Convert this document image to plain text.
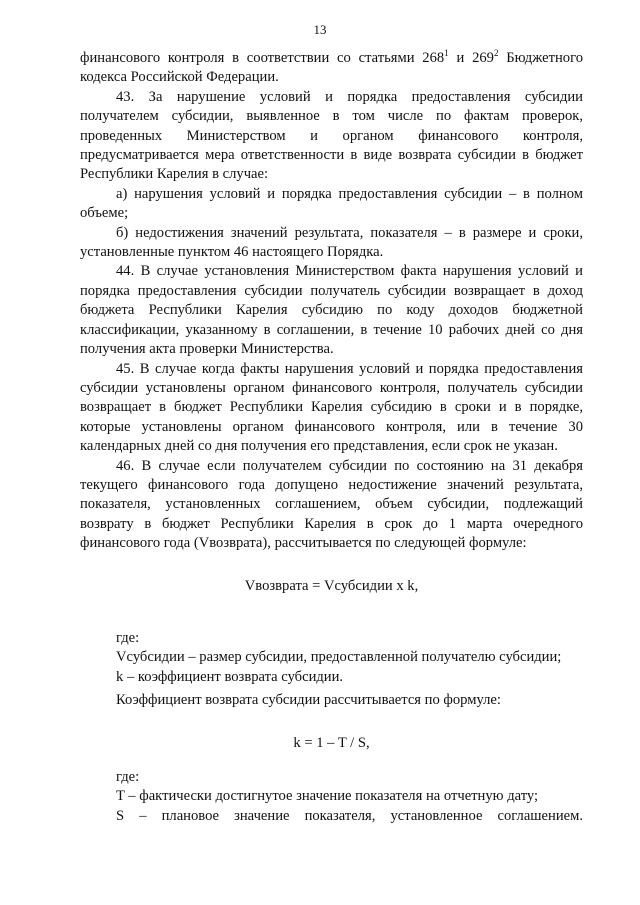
13

финансового контроля в соответствии со статьями $268^1$ и $269^2$ Бюджетного кодекса Российской Федерации.

43. За нарушение условий и порядка предоставления субсидии получателем субсидии, выявленное в том числе по фактам проверок, проведенных Министерством и органом финансового контроля, предусматривается мера ответственности в виде возврата субсидии в бюджет Республики Карелия в случае:

а) нарушения условий и порядка предоставления субсидии – в полном объеме;

б) недостижения значений результата, показателя – в размере и сроки, установленные пунктом 46 настоящего Порядка.

44. В случае установления Министерством факта нарушения условий и порядка предоставления субсидии получатель субсидии возвращает в доход бюджета Республики Карелия субсидию по коду доходов бюджетной классификации, указанному в соглашении, в течение 10 рабочих дней со дня получения акта проверки Министерства.

45. В случае когда факты нарушения условий и порядка предоставления субсидии установлены органом финансового контроля, получатель субсидии возвращает в бюджет Республики Карелия субсидию в сроки и в порядке, которые установлены органом финансового контроля, или в течение 30 календарных дней со дня получения его представления, если срок не указан.

46. В случае если получателем субсидии по состоянию на 31 декабря текущего финансового года допущено недостижение значений результата, показателя, установленных соглашением, объем субсидии, подлежащий возврату в бюджет Республики Карелия в срок до 1 марта очередного финансового года (Vвозврата), рассчитывается по следующей формуле:

Vвозврата = Vсубсидии x k,

где:

Vсубсидии – размер субсидии, предоставленной получателю субсидии;

k – коэффициент возврата субсидии.

Коэффициент возврата субсидии рассчитывается по формуле:

k = 1 – T / S,

где:

T – фактически достигнутое значение показателя на отчетную дату;

S – плановое значение показателя, установленное соглашением.
